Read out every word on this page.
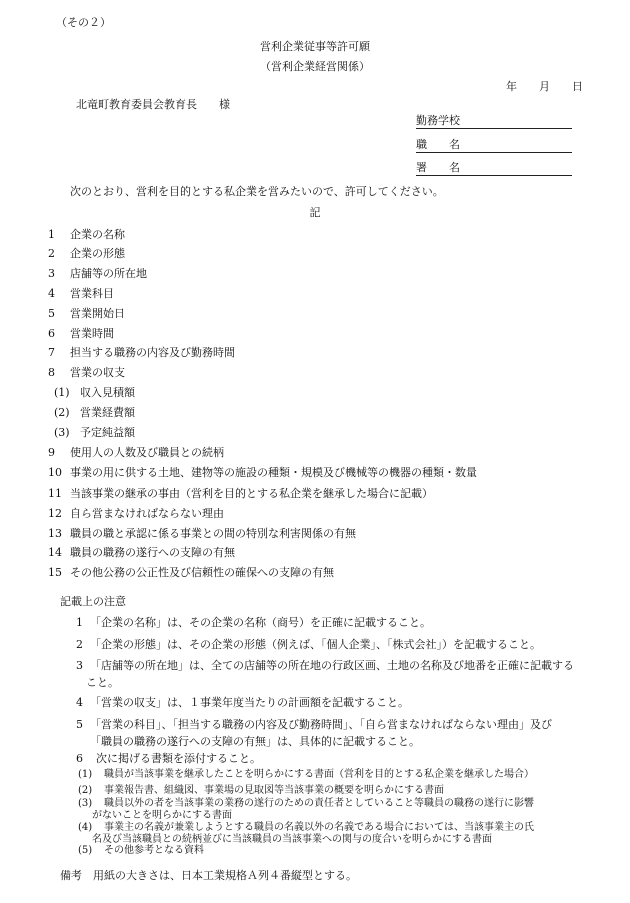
（その２）
営利企業従事等許可願
（営利企業経営関係）
年 月 日
北竜町教育委員会教育長　　様
勤務学校
職　　名
署　　名
次のとおり、営利を目的とする私企業を営みたいので、許可してください。
記
1 企業の名称
2 企業の形態
3 店舗等の所在地
4 営業科目
5 営業開始日
6 営業時間
7 担当する職務の内容及び勤務時間
8 営業の収支
(1) 収入見積額
(2) 営業経費額
(3) 予定純益額
9 使用人の人数及び職員との続柄
10 事業の用に供する土地、建物等の施設の種類・規模及び機械等の機器の種類・数量
11 当該事業の継承の事由（営利を目的とする私企業を継承した場合に記載）
12 自ら営まなければならない理由
13 職員の職と承認に係る事業との間の特別な利害関係の有無
14 職員の職務の遂行への支障の有無
15 その他公務の公正性及び信頼性の確保への支障の有無
記載上の注意
1 「企業の名称」は、その企業の名称（商号）を正確に記載すること。
2 「企業の形態」は、その企業の形態（例えば、「個人企業」、「株式会社」）を記載すること。
3 「店舗等の所在地」は、全ての店舗等の所在地の行政区画、土地の名称及び地番を正確に記載する
こと。
4 「営業の収支」は、１事業年度当たりの計画額を記載すること。
5 「営業の科目」、「担当する職務の内容及び勤務時間」、「自ら営まなければならない理由」及び
「職員の職務の遂行への支障の有無」は、具体的に記載すること。
6 次に掲げる書類を添付すること。
(1) 職員が当該事業を継承したことを明らかにする書面（営利を目的とする私企業を継承した場合）
(2) 事業報告書、組織図、事業場の見取図等当該事業の概要を明らかにする書面
(3) 職員以外の者を当該事業の業務の遂行のための責任者としていること等職員の職務の遂行に影響
がないことを明らかにする書面
(4) 事業主の名義が兼業しようとする職員の名義以外の名義である場合においては、当該事業主の氏
名及び当該職員との続柄並びに当該職員の当該事業への関与の度合いを明らかにする書面
(5) その他参考となる資料
備考　用紙の大きさは、日本工業規格Ａ列４番縦型とする。
